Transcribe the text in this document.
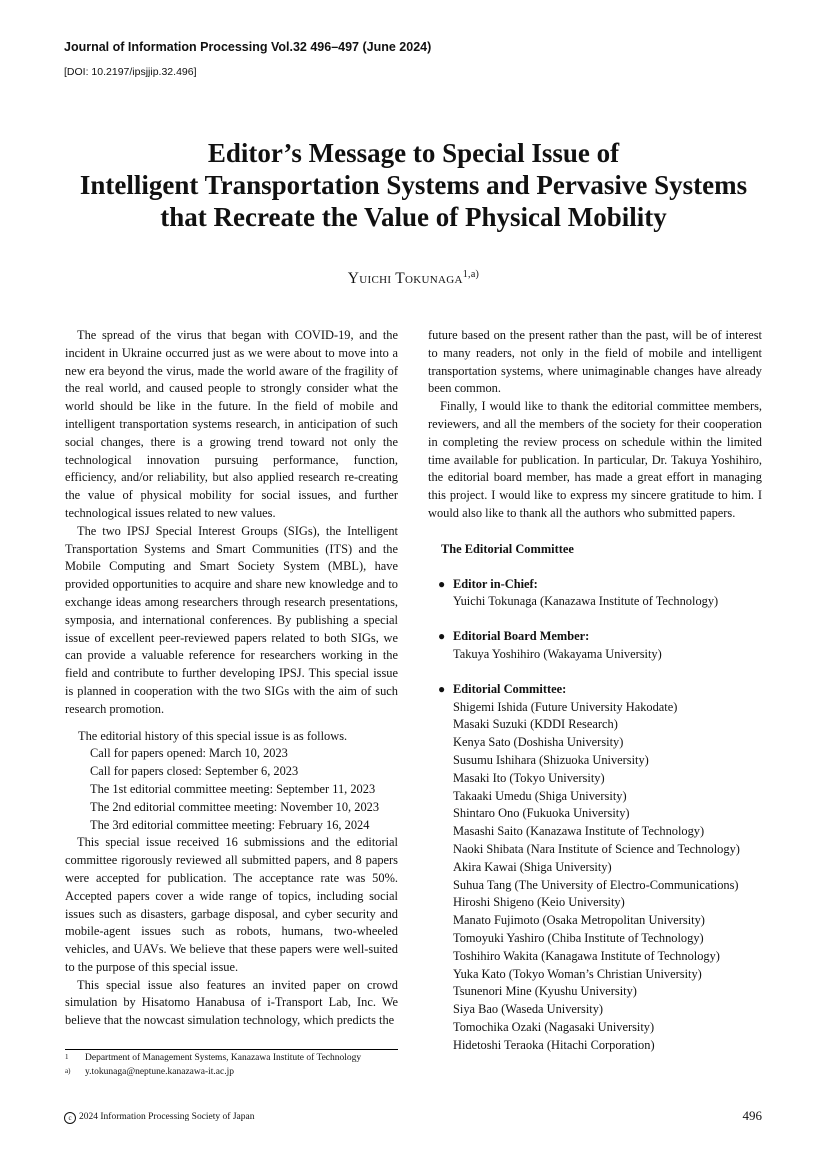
Journal of Information Processing Vol.32 496–497 (June 2024)
[DOI: 10.2197/ipsjjip.32.496]
Editor’s Message to Special Issue of
Intelligent Transportation Systems and Pervasive Systems
that Recreate the Value of Physical Mobility
Yuichi Tokunaga$^{1,a)}$

The spread of the virus that began with COVID-19, and the incident in Ukraine occurred just as we were about to move into a new era beyond the virus, made the world aware of the fragility of the real world, and caused people to strongly consider what the world should be like in the future. In the field of mobile and intelligent transportation systems research, in anticipation of such social changes, there is a growing trend toward not only the technological innovation pursuing performance, function, efficiency, and/or reliability, but also applied research re-creating the value of physical mobility for social issues, and further technological issues related to new values.

The two IPSJ Special Interest Groups (SIGs), the Intelligent Transportation Systems and Smart Communities (ITS) and the Mobile Computing and Smart Society System (MBL), have provided opportunities to acquire and share new knowledge and to exchange ideas among researchers through research presentations, symposia, and international conferences. By publishing a special issue of excellent peer-reviewed papers related to both SIGs, we can provide a valuable reference for researchers working in the field and contribute to further developing IPSJ. This special issue is planned in cooperation with the two SIGs with the aim of such research promotion.

The editorial history of this special issue is as follows.
Call for papers opened: March 10, 2023
Call for papers closed: September 6, 2023
The 1st editorial committee meeting: September 11, 2023
The 2nd editorial committee meeting: November 10, 2023
The 3rd editorial committee meeting: February 16, 2024

This special issue received 16 submissions and the editorial committee rigorously reviewed all submitted papers, and 8 papers were accepted for publication. The acceptance rate was 50%. Accepted papers cover a wide range of topics, including social issues such as disasters, garbage disposal, and cyber security and mobile-agent issues such as robots, humans, two-wheeled vehicles, and UAVs. We believe that these papers were well-suited to the purpose of this special issue.

This special issue also features an invited paper on crowd simulation by Hisatomo Hanabusa of i-Transport Lab, Inc. We believe that the nowcast simulation technology, which predicts the

future based on the present rather than the past, will be of interest to many readers, not only in the field of mobile and intelligent transportation systems, where unimaginable changes have already been common.

Finally, I would like to thank the editorial committee members, reviewers, and all the members of the society for their cooperation in completing the review process on schedule within the limited time available for publication. In particular, Dr. Takuya Yoshihiro, the editorial board member, has made a great effort in managing this project. I would like to express my sincere gratitude to him. I would also like to thank all the authors who submitted papers.

The Editorial Committee
● Editor in-Chief:
Yuichi Tokunaga (Kanazawa Institute of Technology)
● Editorial Board Member:
Takuya Yoshihiro (Wakayama University)
● Editorial Committee:
Shigemi Ishida (Future University Hakodate)
Masaki Suzuki (KDDI Research)
Kenya Sato (Doshisha University)
Susumu Ishihara (Shizuoka University)
Masaki Ito (Tokyo University)
Takaaki Umedu (Shiga University)
Shintaro Ono (Fukuoka University)
Masashi Saito (Kanazawa Institute of Technology)
Naoki Shibata (Nara Institute of Science and Technology)
Akira Kawai (Shiga University)
Suhua Tang (The University of Electro-Communications)
Hiroshi Shigeno (Keio University)
Manato Fujimoto (Osaka Metropolitan University)
Tomoyuki Yashiro (Chiba Institute of Technology)
Toshihiro Wakita (Kanagawa Institute of Technology)
Yuka Kato (Tokyo Woman’s Christian University)
Tsunenori Mine (Kyushu University)
Siya Bao (Waseda University)
Tomochika Ozaki (Nagasaki University)
Hidetoshi Teraoka (Hitachi Corporation)
1 Department of Management Systems, Kanazawa Institute of Technology
a) y.tokunaga@neptune.kanazawa-it.ac.jp
c 2024 Information Processing Society of Japan	496
